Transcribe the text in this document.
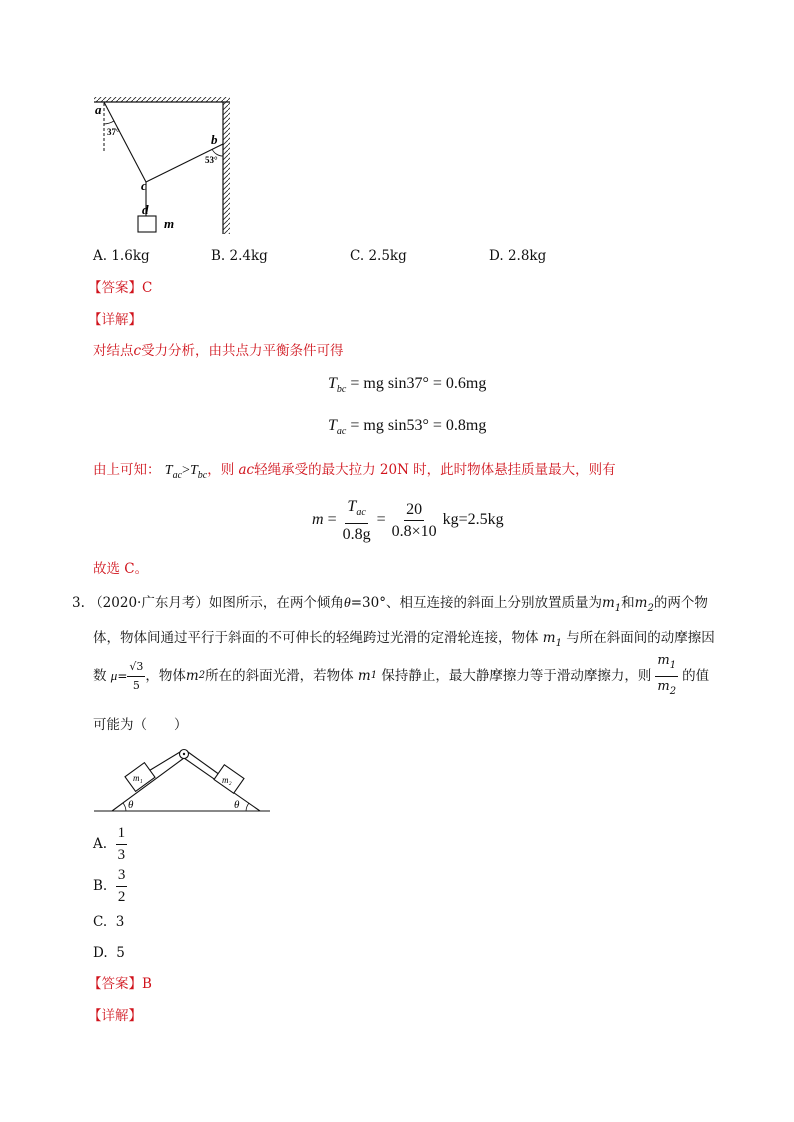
a
37°	b
53°
c
d
m
A. 1.6kg	B. 2.4kg	C. 2.5kg	D. 2.8kg
【答案】C
【详解】
对结点c受力分析，由共点力平衡条件可得
$T_{bc}$ = mg sin37° = 0.6mg
$T_{ac}$ = mg sin53° = 0.8mg
由上可知： $T_{ac}>T_{bc}$，则 ac轻绳承受的最大拉力 20N 时，此时物体悬挂质量最大，则有
$m = \frac{T_{ac}}{0.8g} = \frac{20}{0.8\times 10} kg=2.5kg$
故选 C。
3. （2020·广东月考）如图所示，在两个倾角θ=30°、相互连接的斜面上分别放置质量为$m_1$和$m_2$的两个物
体，物体间通过平行于斜面的不可伸长的轻绳跨过光滑的定滑轮连接，物体 $m_1$ 与所在斜面间的动摩擦因
数
$\mu = \frac{√3}{5}$ ，物体 m 2 所在的斜面光滑，若物体
m 1
保持静止，最大静摩擦力等于滑动摩擦力，则 $\frac{m_1}{m_2}$ 的值
可能为（　　）
m₁	m₂
θ	θ
A.
$\frac{1}{3}$
B.
$\frac{3}{2}$
C. 3
D. 5
【答案】B
【详解】
